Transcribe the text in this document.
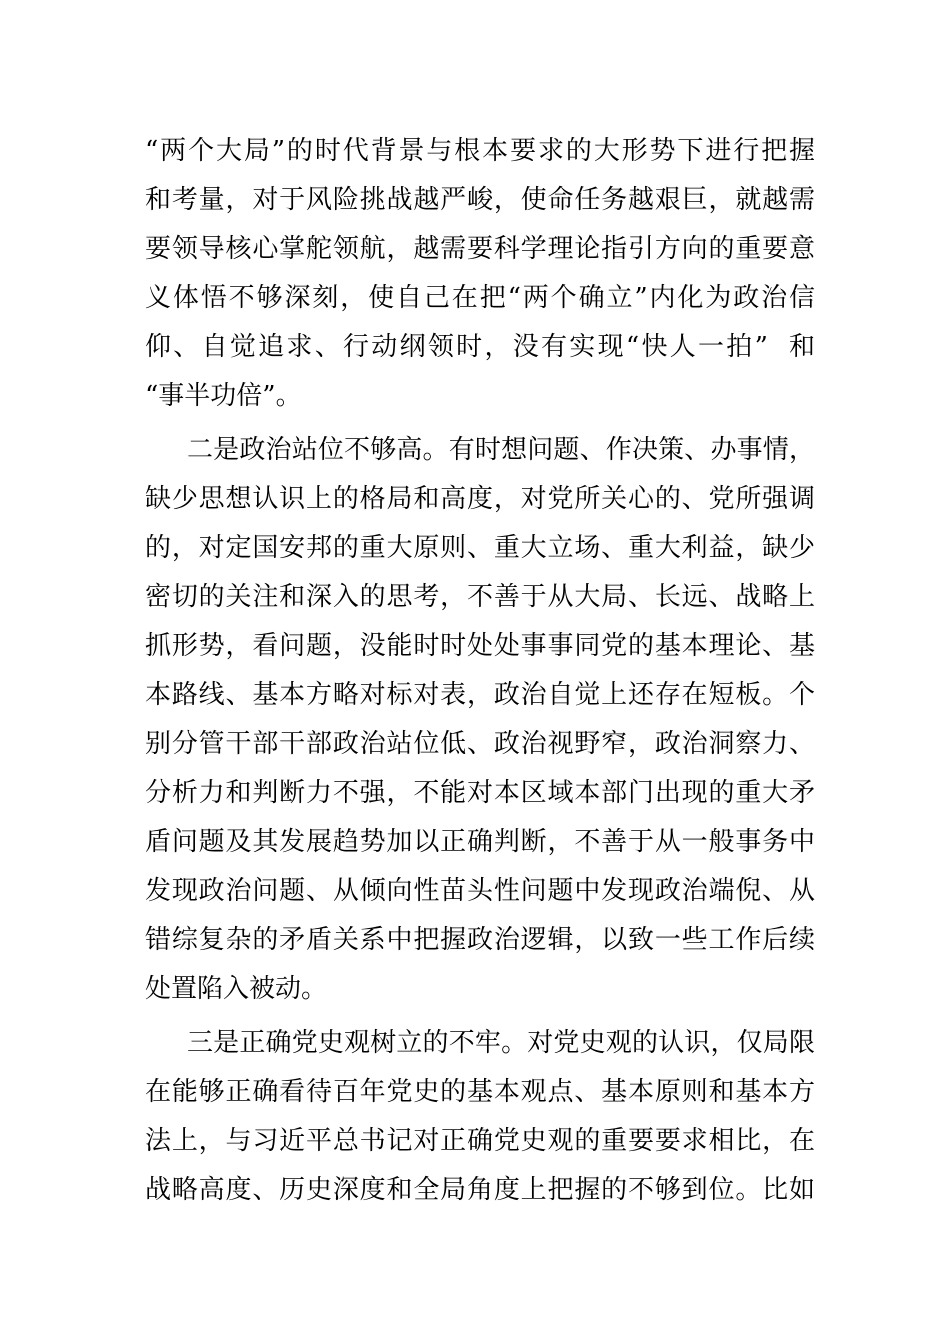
“两个大局”的时代背景与根本要求的大形势下进行把握
和考量，对于风险挑战越严峻，使命任务越艰巨，就越需
要领导核心掌舵领航，越需要科学理论指引方向的重要意
义体悟不够深刻，使自己在把“两个确立”内化为政治信
仰、自觉追求、行动纲领时，没有实现“快人一拍”  和
“事半功倍”。
二是政治站位不够高。有时想问题、作决策、办事情，
缺少思想认识上的格局和高度，对党所关心的、党所强调
的，对定国安邦的重大原则、重大立场、重大利益，缺少
密切的关注和深入的思考，不善于从大局、长远、战略上
抓形势，看问题，没能时时处处事事同党的基本理论、基
本路线、基本方略对标对表，政治自觉上还存在短板。个
别分管干部干部政治站位低、政治视野窄，政治洞察力、
分析力和判断力不强，不能对本区域本部门出现的重大矛
盾问题及其发展趋势加以正确判断，不善于从一般事务中
发现政治问题、从倾向性苗头性问题中发现政治端倪、从
错综复杂的矛盾关系中把握政治逻辑，以致一些工作后续
处置陷入被动。
三是正确党史观树立的不牢。对党史观的认识，仅局限
在能够正确看待百年党史的基本观点、基本原则和基本方
法上，与习近平总书记对正确党史观的重要要求相比，在
战略高度、历史深度和全局角度上把握的不够到位。比如
